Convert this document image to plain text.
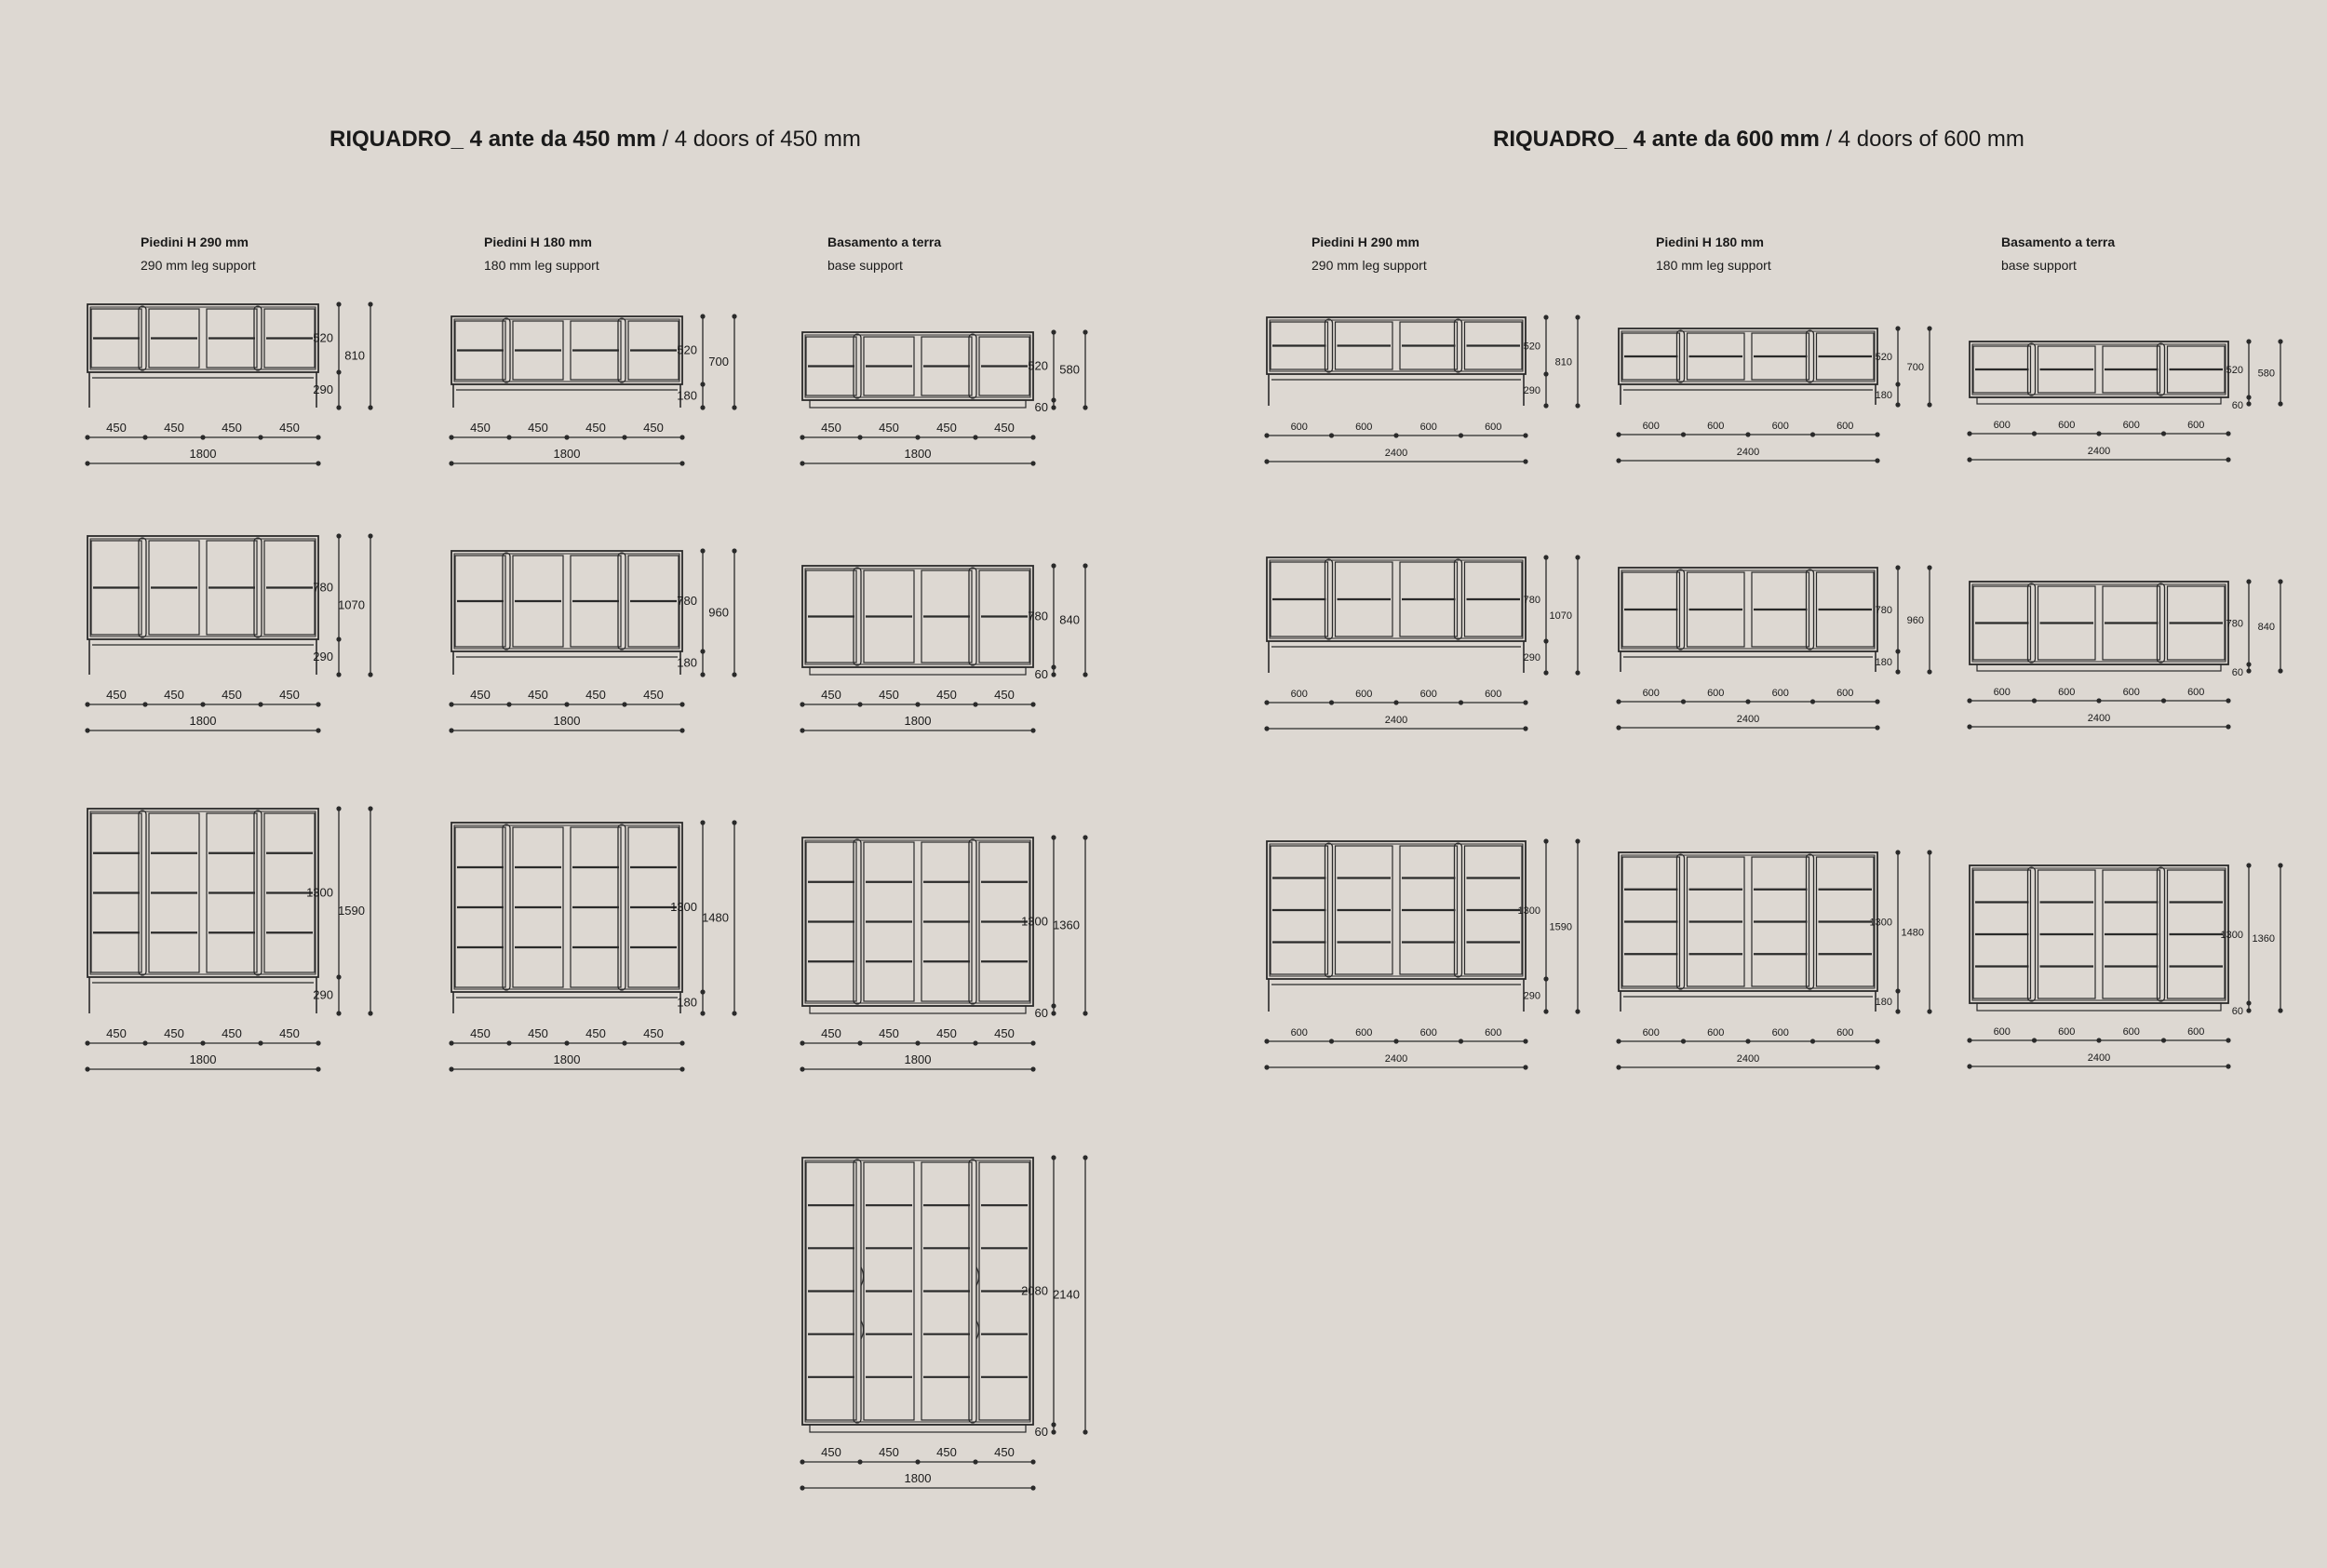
RIQUADRO_ 4 ante da 450 mm / 4 doors of 450 mm	RIQUADRO_ 4 ante da 600 mm / 4 doors of 600 mm
Piedini H 290 mm
290 mm leg support
Piedini H 180 mm
180 mm leg support
Basamento a terra
base support
Piedini H 290 mm
290 mm leg support
Piedini H 180 mm
180 mm leg support
Basamento a terra
base support
450	450	450	450
1800
520
290
810
450	450	450	450
1800
520
180
700
450	450	450	450
1800
520
60
580
450	450	450	450
1800
780
290
1070
450	450	450	450
1800
780
180
960
450	450	450	450
1800
780
60
840
450	450	450	450
1800
1300
290
1590
450	450	450	450
1800
1300
180
1480
450	450	450	450
1800
1300
60
1360
450	450	450	450
1800
2080
60
2140
600	600	600	600
2400
520
290
810
600	600	600	600
2400
520
180
700
600	600	600	600
2400
520
60
580
600	600	600	600
2400
780
290
1070
600	600	600	600
2400
780
180
960
600	600	600	600
2400
780
60
840
600	600	600	600
2400
1300
290
1590
600	600	600	600
2400
1300
180
1480
600	600	600	600
2400
1300
60
1360
